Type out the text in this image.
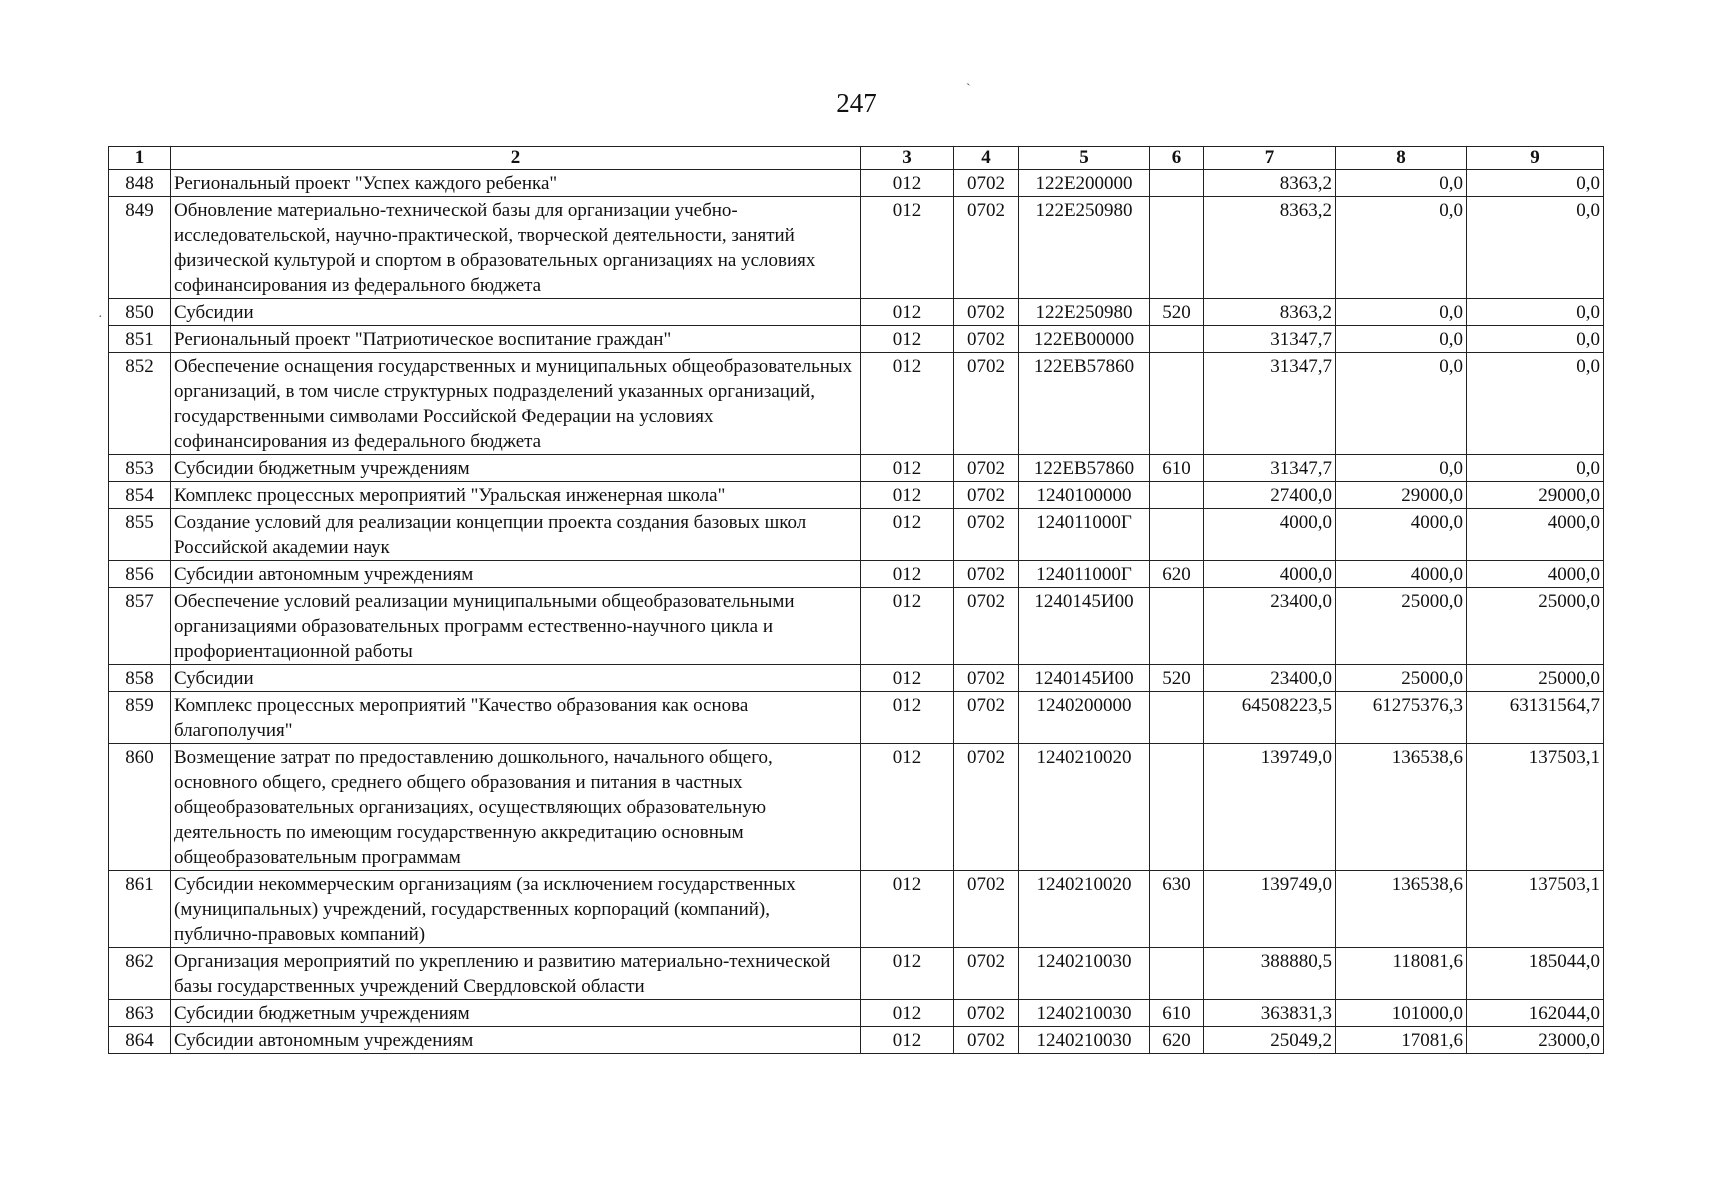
247
1	2	3	4	5	6	7	8	9
848	Региональный проект "Успех каждого ребенка"	012	0702	122Е200000		8363,2	0,0	0,0
849	Обновление материально-технической базы для организации учебно-исследовательской, научно-практической, творческой деятельности, занятий физической культурой и спортом в образовательных организациях на условиях софинансирования из федерального бюджета	012	0702	122Е250980		8363,2	0,0	0,0
850	Субсидии	012	0702	122Е250980	520	8363,2	0,0	0,0
851	Региональный проект "Патриотическое воспитание граждан"	012	0702	122ЕВ00000		31347,7	0,0	0,0
852	Обеспечение оснащения государственных и муниципальных общеобразовательных организаций, в том числе структурных подразделений указанных организаций, государственными символами Российской Федерации на условиях софинансирования из федерального бюджета	012	0702	122ЕВ57860		31347,7	0,0	0,0
853	Субсидии бюджетным учреждениям	012	0702	122ЕВ57860	610	31347,7	0,0	0,0
854	Комплекс процессных мероприятий "Уральская инженерная школа"	012	0702	1240100000		27400,0	29000,0	29000,0
855	Создание условий для реализации концепции проекта создания базовых школ Российской академии наук	012	0702	124011000Г		4000,0	4000,0	4000,0
856	Субсидии автономным учреждениям	012	0702	124011000Г	620	4000,0	4000,0	4000,0
857	Обеспечение условий реализации муниципальными общеобразовательными организациями образовательных программ естественно-научного цикла и профориентационной работы	012	0702	1240145И00		23400,0	25000,0	25000,0
858	Субсидии	012	0702	1240145И00	520	23400,0	25000,0	25000,0
859	Комплекс процессных мероприятий "Качество образования как основа благополучия"	012	0702	1240200000		64508223,5	61275376,3	63131564,7
860	Возмещение затрат по предоставлению дошкольного, начального общего, основного общего, среднего общего образования и питания в частных общеобразовательных организациях, осуществляющих образовательную деятельность по имеющим государственную аккредитацию основным общеобразовательным программам	012	0702	1240210020		139749,0	136538,6	137503,1
861	Субсидии некоммерческим организациям (за исключением государственных (муниципальных) учреждений, государственных корпораций (компаний), публично-правовых компаний)	012	0702	1240210020	630	139749,0	136538,6	137503,1
862	Организация мероприятий по укреплению и развитию материально-технической базы государственных учреждений Свердловской области	012	0702	1240210030		388880,5	118081,6	185044,0
863	Субсидии бюджетным учреждениям	012	0702	1240210030	610	363831,3	101000,0	162044,0
864	Субсидии автономным учреждениям	012	0702	1240210030	620	25049,2	17081,6	23000,0
ˋ
·
